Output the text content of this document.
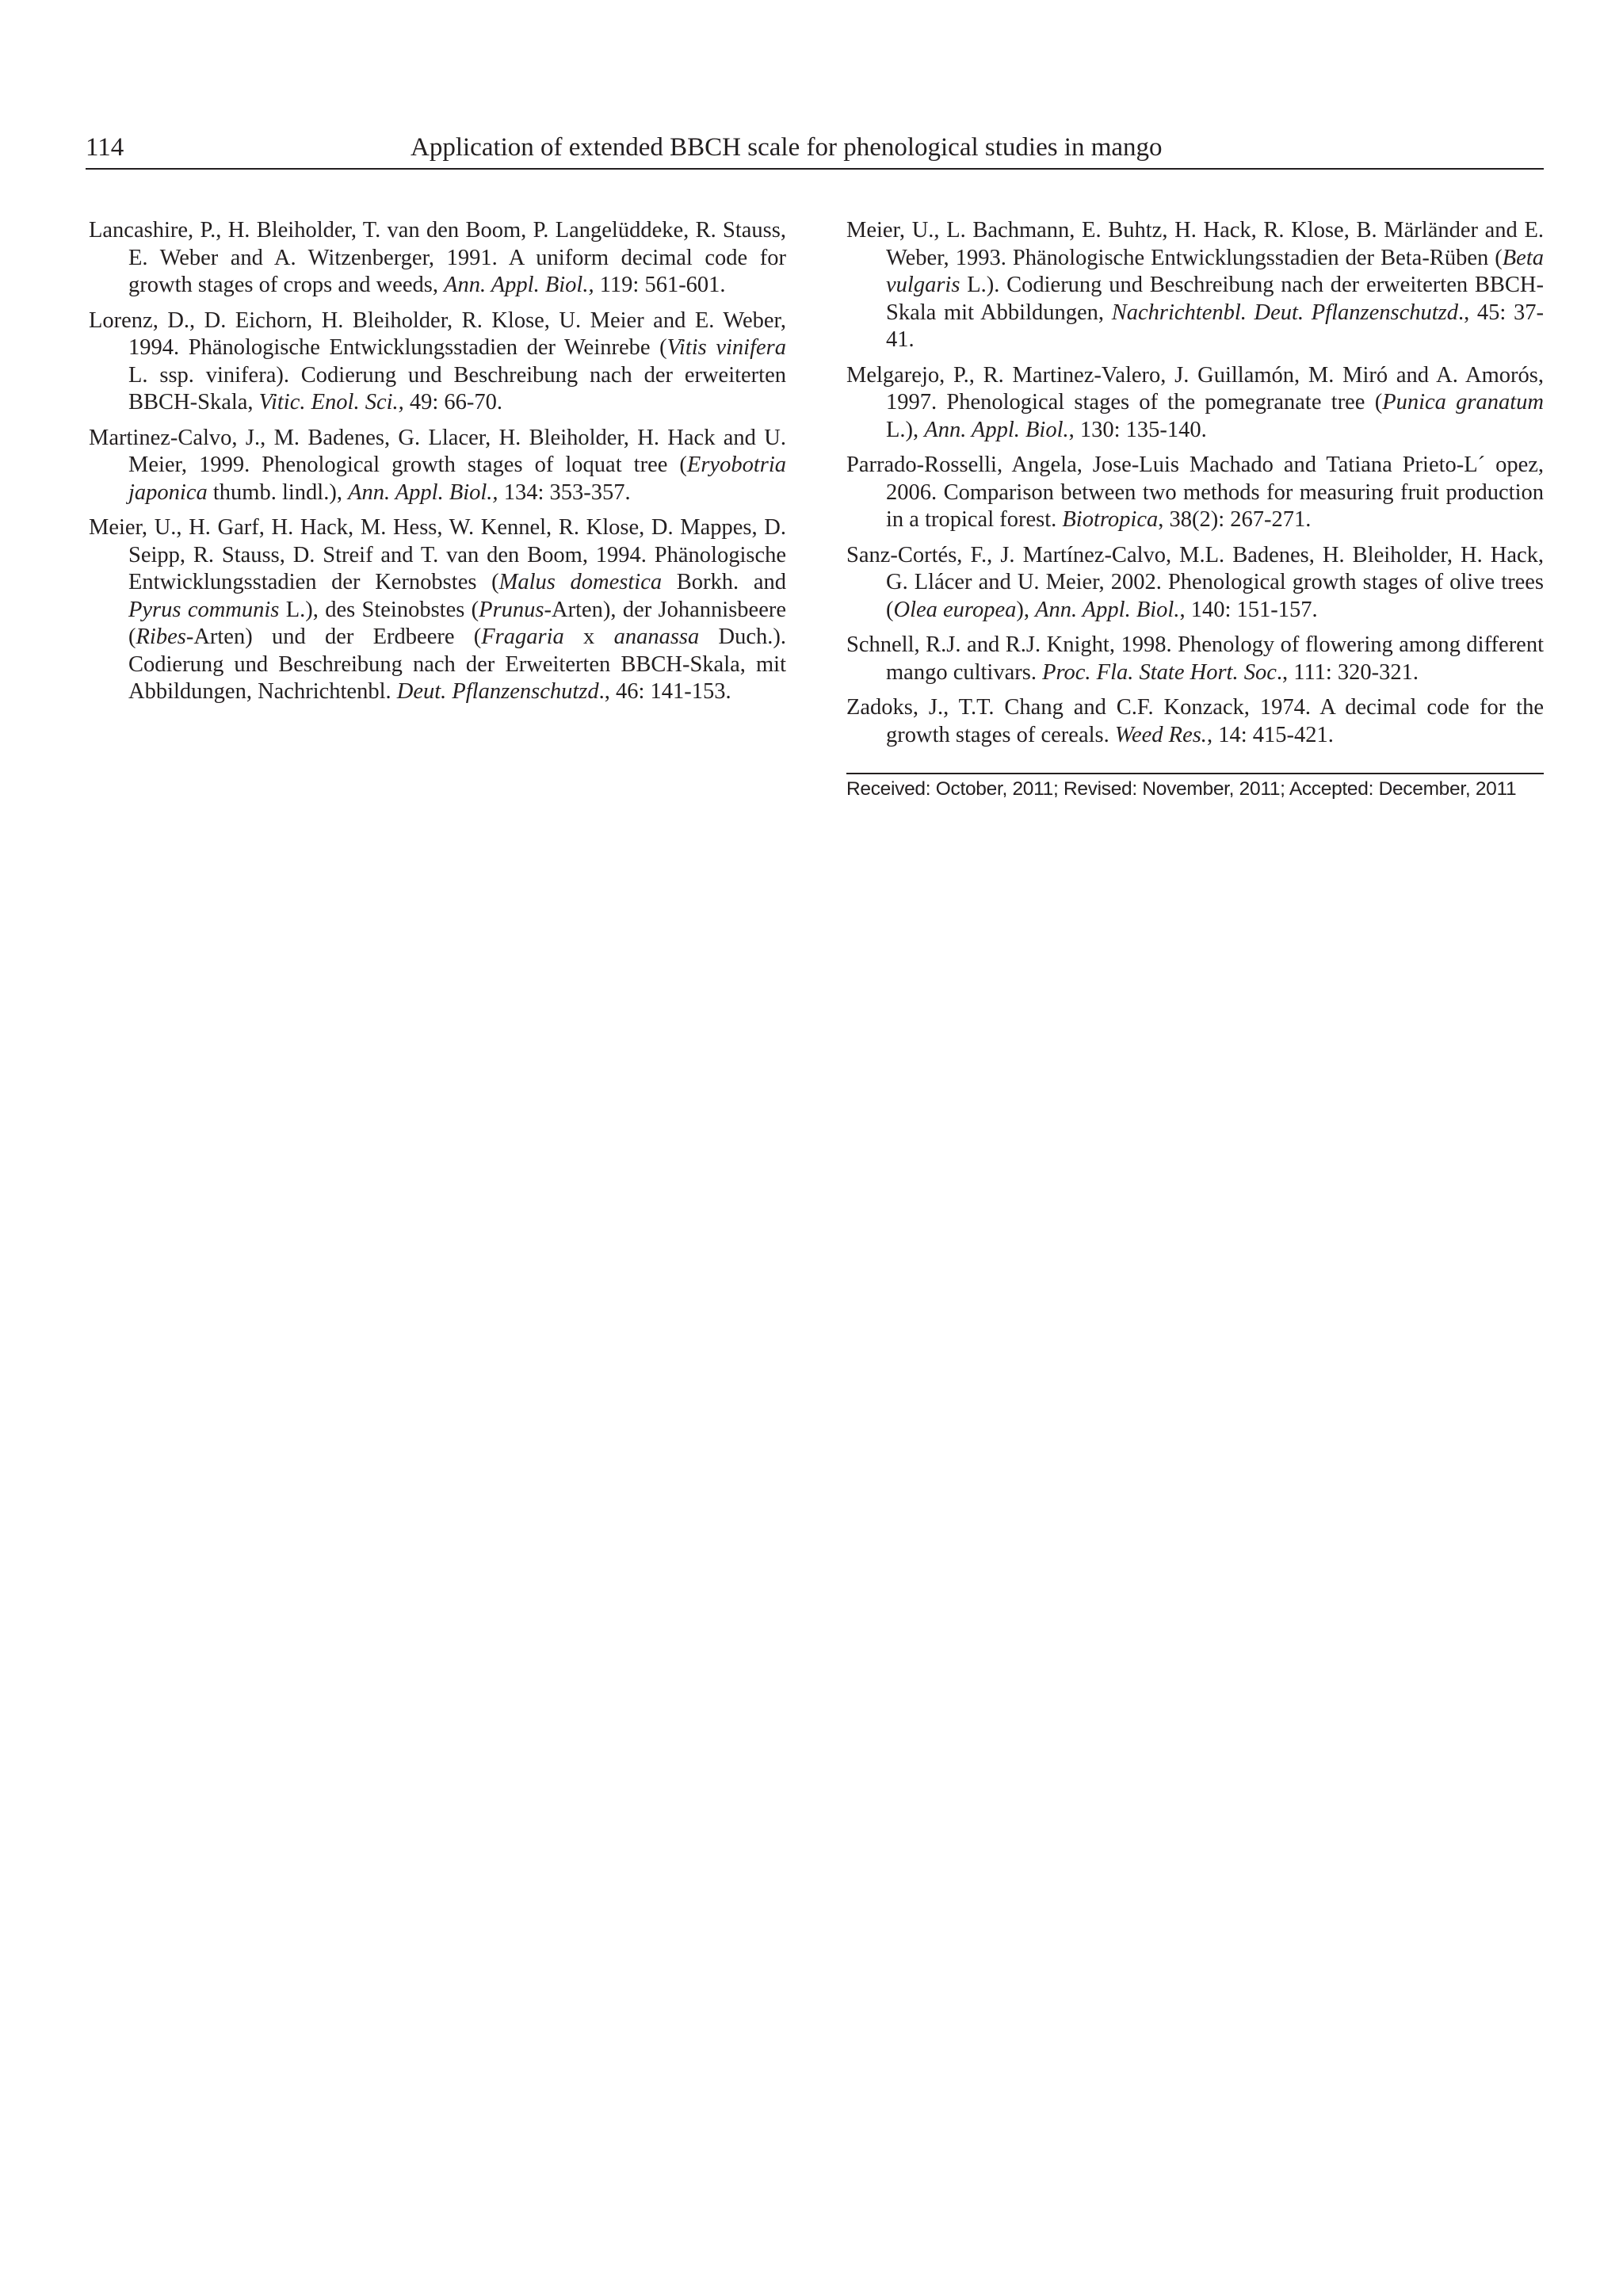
114	Application of extended BBCH scale for phenological studies in mango

Lancashire, P., H. Bleiholder, T. van den Boom, P. Langelüddeke, R. Stauss, E. Weber and A. Witzenberger, 1991. A uniform decimal code for growth stages of crops and weeds, Ann. Appl. Biol., 119: 561-601.

Lorenz, D., D. Eichorn, H. Bleiholder, R. Klose, U. Meier and E. Weber, 1994. Phänologische Entwicklungsstadien der Weinrebe (Vitis vinifera L. ssp. vinifera). Codierung und Beschreibung nach der erweiterten BBCH-Skala, Vitic. Enol. Sci., 49: 66-70.

Martinez-Calvo, J., M. Badenes, G. Llacer, H. Bleiholder, H. Hack and U. Meier, 1999. Phenological growth stages of loquat tree (Eryobotria japonica thumb. lindl.), Ann. Appl. Biol., 134: 353-357.

Meier, U., H. Garf, H. Hack, M. Hess, W. Kennel, R. Klose, D. Mappes, D. Seipp, R. Stauss, D. Streif and T. van den Boom, 1994. Phänologische Entwicklungsstadien der Kernobstes (Malus domestica Borkh. and Pyrus communis L.), des Steinobstes (Prunus-Arten), der Johannisbeere (Ribes-Arten) und der Erdbeere (Fragaria x ananassa Duch.). Codierung und Beschreibung nach der Erweiterten BBCH-Skala, mit Abbildungen, Nachrichtenbl. Deut. Pflanzenschutzd., 46: 141-153.

Meier, U., L. Bachmann, E. Buhtz, H. Hack, R. Klose, B. Märländer and E. Weber, 1993. Phänologische Entwicklungsstadien der Beta-Rüben (Beta vulgaris L.). Codierung und Beschreibung nach der erweiterten BBCH-Skala mit Abbildungen, Nachrichtenbl. Deut. Pflanzenschutzd., 45: 37-41.

Melgarejo, P., R. Martinez-Valero, J. Guillamón, M. Miró and A. Amorós, 1997. Phenological stages of the pomegranate tree (Punica granatum L.), Ann. Appl. Biol., 130: 135-140.

Parrado-Rosselli, Angela, Jose-Luis Machado and Tatiana Prieto-L´ opez, 2006. Comparison between two methods for measuring fruit production in a tropical forest. Biotropica, 38(2): 267-271.

Sanz-Cortés, F., J. Martínez-Calvo, M.L. Badenes, H. Bleiholder, H. Hack, G. Llácer and U. Meier, 2002. Phenological growth stages of olive trees (Olea europea), Ann. Appl. Biol., 140: 151-157.

Schnell, R.J. and R.J. Knight, 1998. Phenology of flowering among different mango cultivars. Proc. Fla. State Hort. Soc., 111: 320-321.

Zadoks, J., T.T. Chang and C.F. Konzack, 1974. A decimal code for the growth stages of cereals. Weed Res., 14: 415-421.

Received: October, 2011; Revised: November, 2011; Accepted: December, 2011
